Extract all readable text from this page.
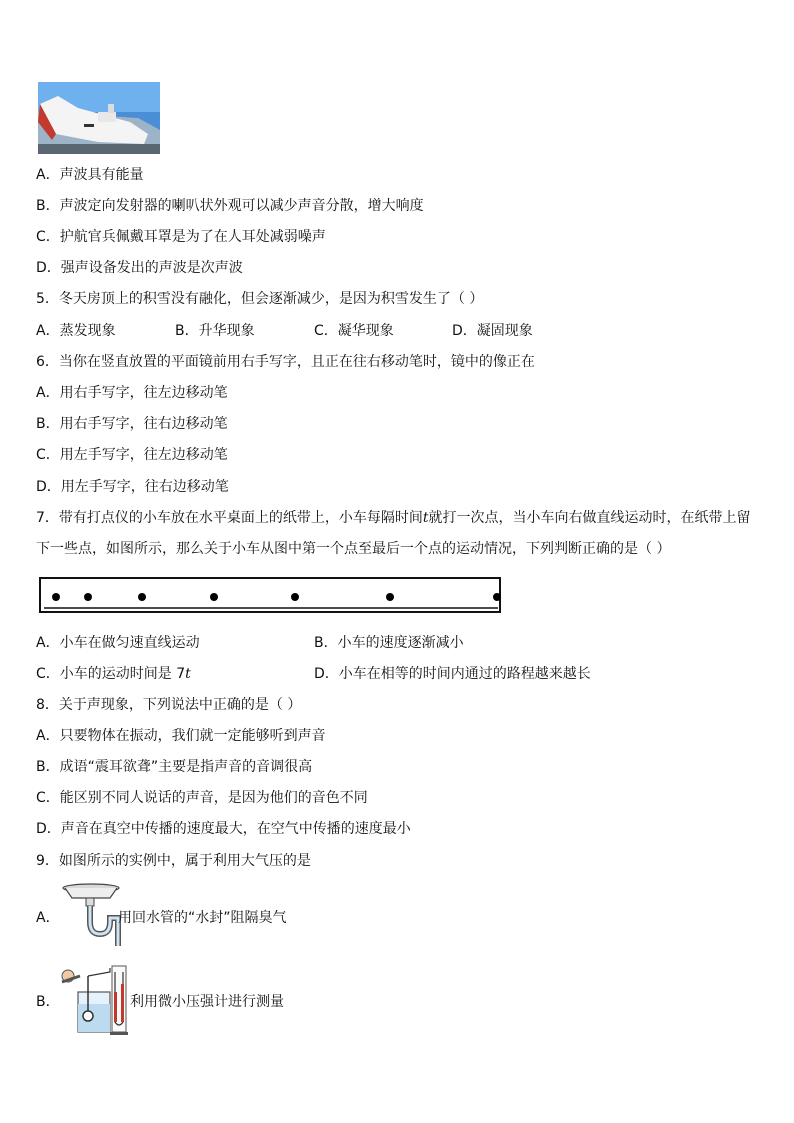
A．声波具有能量
B．声波定向发射器的喇叭状外观可以减少声音分散，增大响度
C．护航官兵佩戴耳罩是为了在人耳处减弱噪声
D．强声设备发出的声波是次声波
5．冬天房顶上的积雪没有融化，但会逐渐减少，是因为积雪发生了（ ）
A．蒸发现象	B．升华现象	C．凝华现象	D．凝固现象
6．当你在竖直放置的平面镜前用右手写字，且正在往右移动笔时，镜中的像正在
A．用右手写字，往左边移动笔
B．用右手写字，往右边移动笔
C．用左手写字，往左边移动笔
D．用左手写字，往右边移动笔
7．带有打点仪的小车放在水平桌面上的纸带上，小车每隔时间t就打一次点，当小车向右做直线运动时，在纸带上留
下一些点，如图所示，那么关于小车从图中第一个点至最后一个点的运动情况，下列判断正确的是（ ）
A．小车在做匀速直线运动	B．小车的速度逐渐减小
C．小车的运动时间是 7t	D．小车在相等的时间内通过的路程越来越长
8．关于声现象，下列说法中正确的是（ ）
A．只要物体在振动，我们就一定能够听到声音
B．成语“震耳欲聋”主要是指声音的音调很高
C．能区别不同人说话的声音，是因为他们的音色不同
D．声音在真空中传播的速度最大，在空气中传播的速度最小
9．如图所示的实例中，属于利用大气压的是
A．	用回水管的“水封”阻隔臭气
B．	利用微小压强计进行测量
